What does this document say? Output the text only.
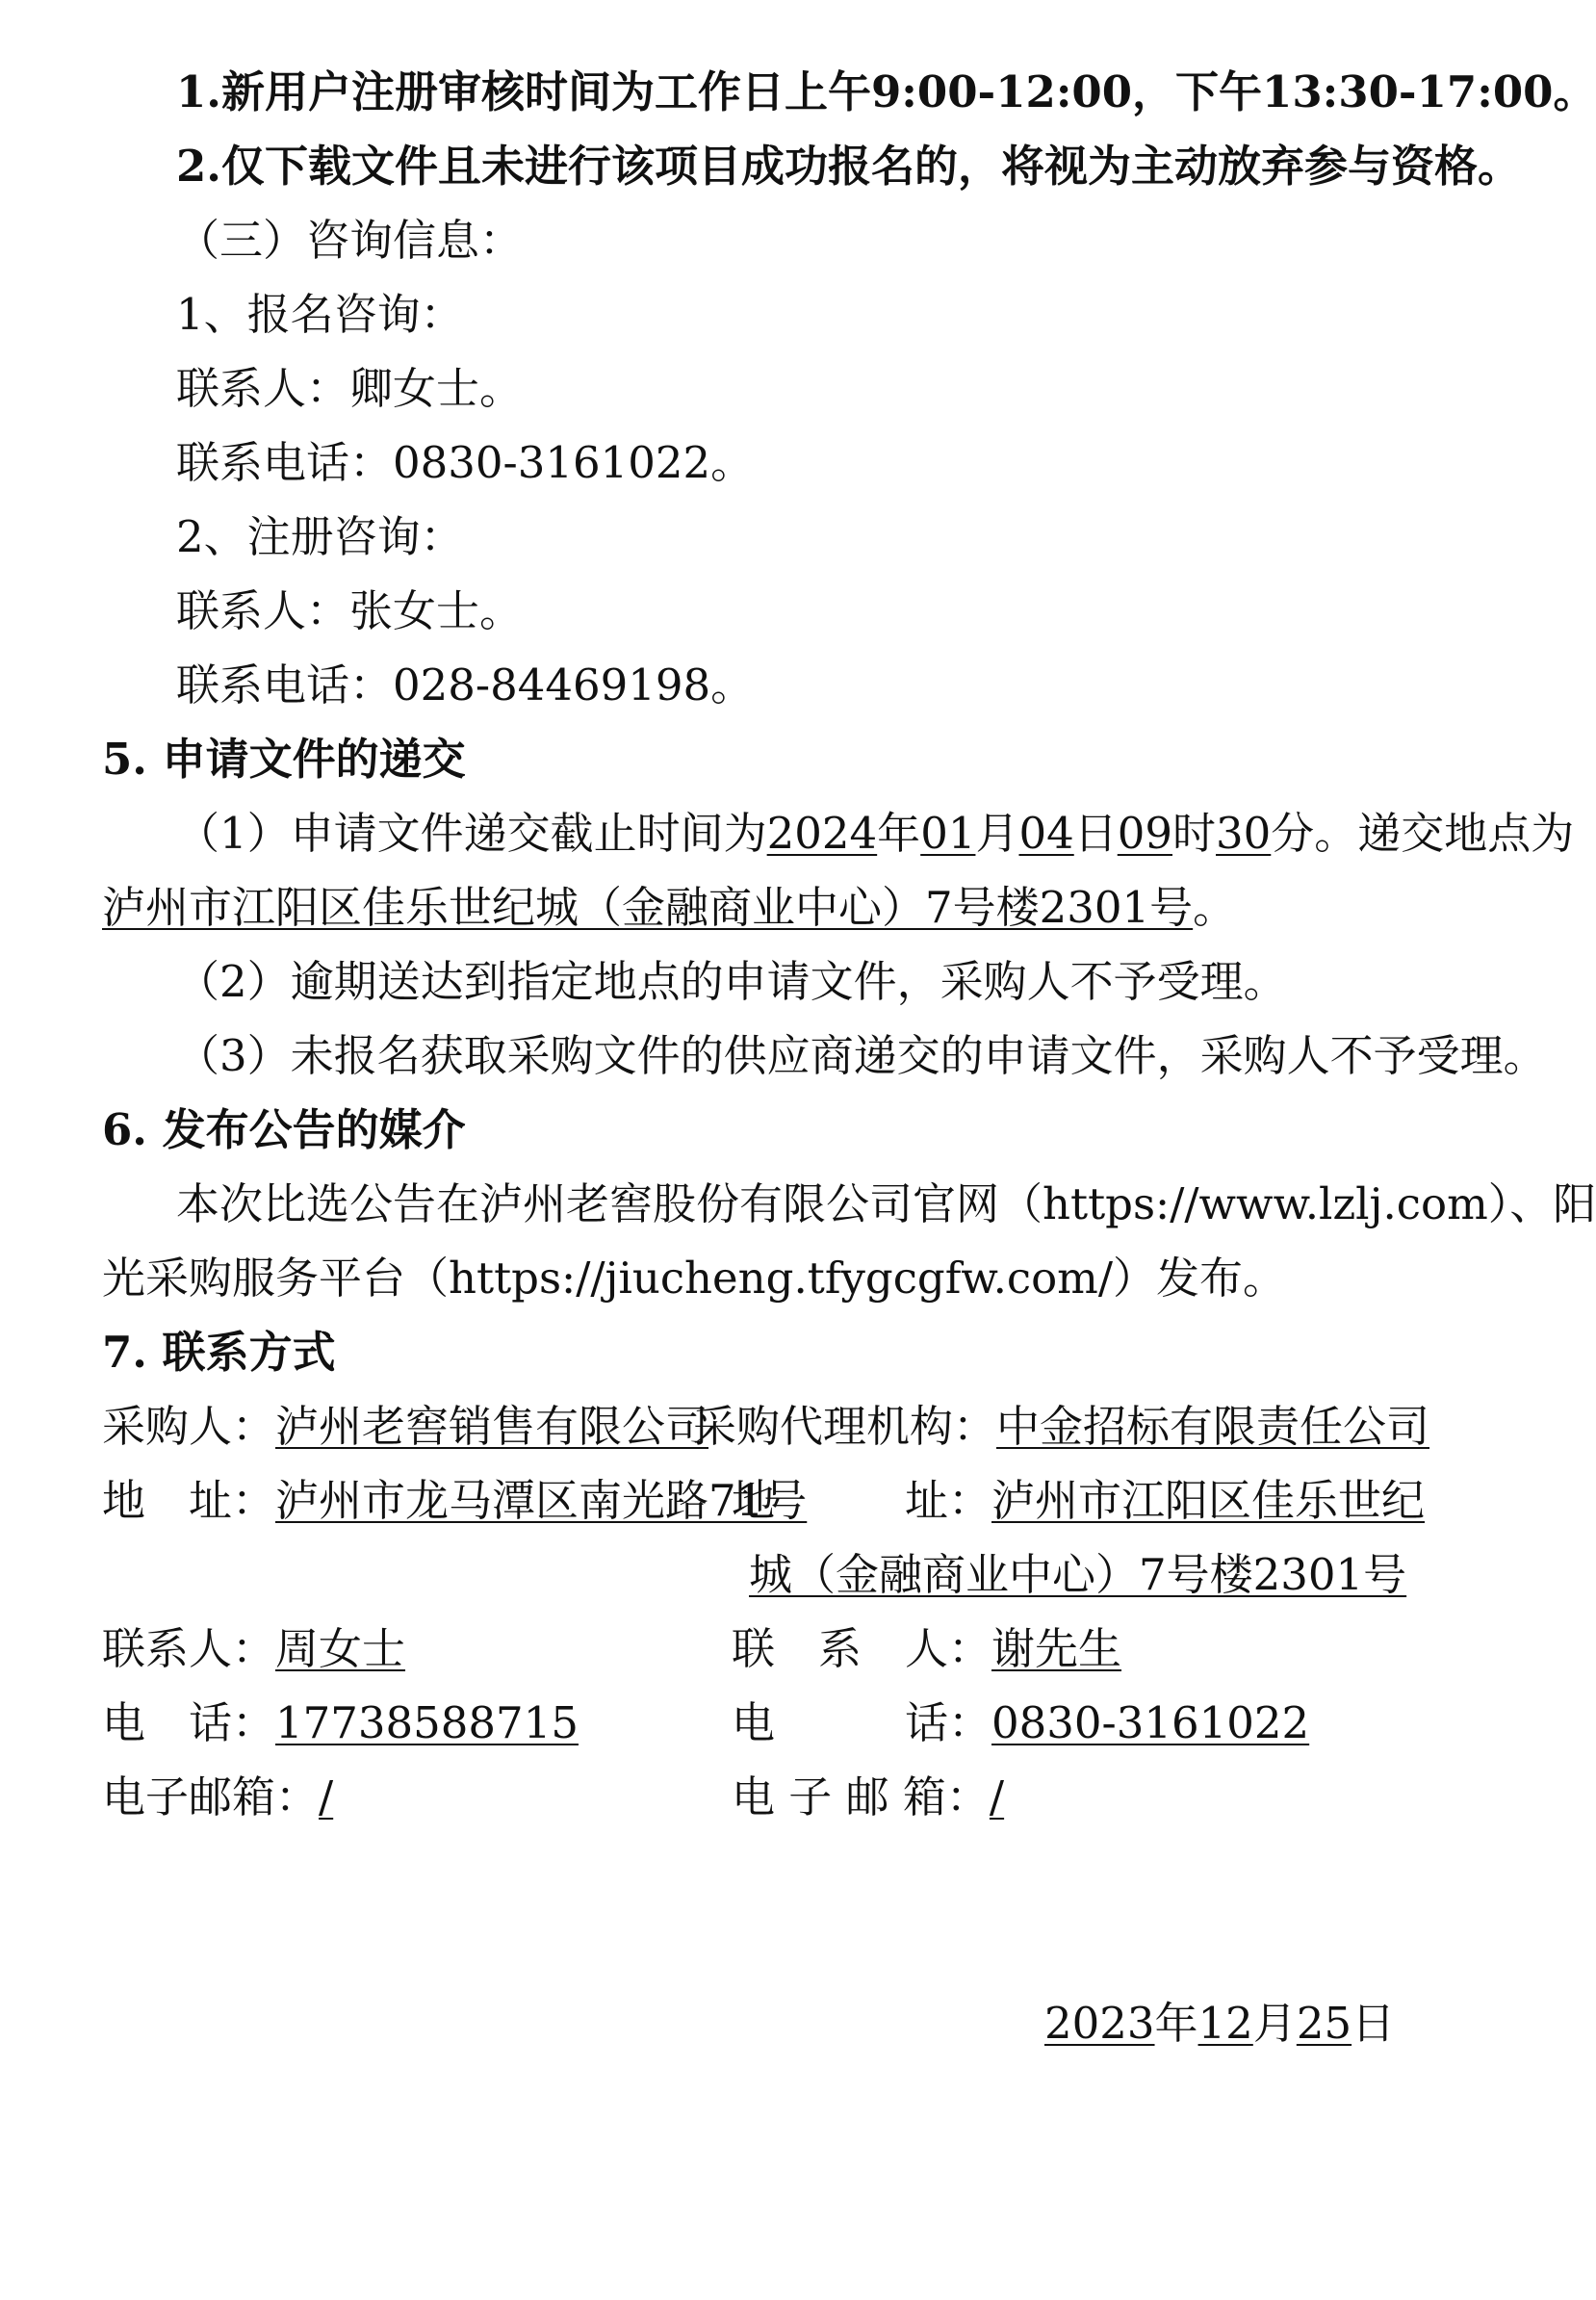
1.新用户注册审核时间为工作日上午9:00-12:00，下午13:30-17:00。
2.仅下载文件且未进行该项目成功报名的，将视为主动放弃参与资格。
（三）咨询信息：
1、报名咨询：
联系人：卿女士。
联系电话：0830-3161022。
2、注册咨询：
联系人：张女士。
联系电话：028-84469198。
5. 申请文件的递交
（1）申请文件递交截止时间为2024年01月04日09时30分。递交地点为
泸州市江阳区佳乐世纪城（金融商业中心）7号楼2301号。
（2）逾期送达到指定地点的申请文件，采购人不予受理。
（3）未报名获取采购文件的供应商递交的申请文件，采购人不予受理。
6. 发布公告的媒介
本次比选公告在泸州老窖股份有限公司官网（https://www.lzlj.com）、阳
光采购服务平台（https://jiucheng.tfygcgfw.com/）发布。
7. 联系方式
采购人：泸州老窖销售有限公司
地　址：泸州市龙马潭区南光路71号
联系人：周女士
电　话：17738588715
电子邮箱：/
采购代理机构：中金招标有限责任公司
地　　　址：泸州市江阳区佳乐世纪
城（金融商业中心）7号楼2301号
联　系　人：谢先生
电　　　话：0830-3161022
电 子 邮 箱：/
2023年12月25日
